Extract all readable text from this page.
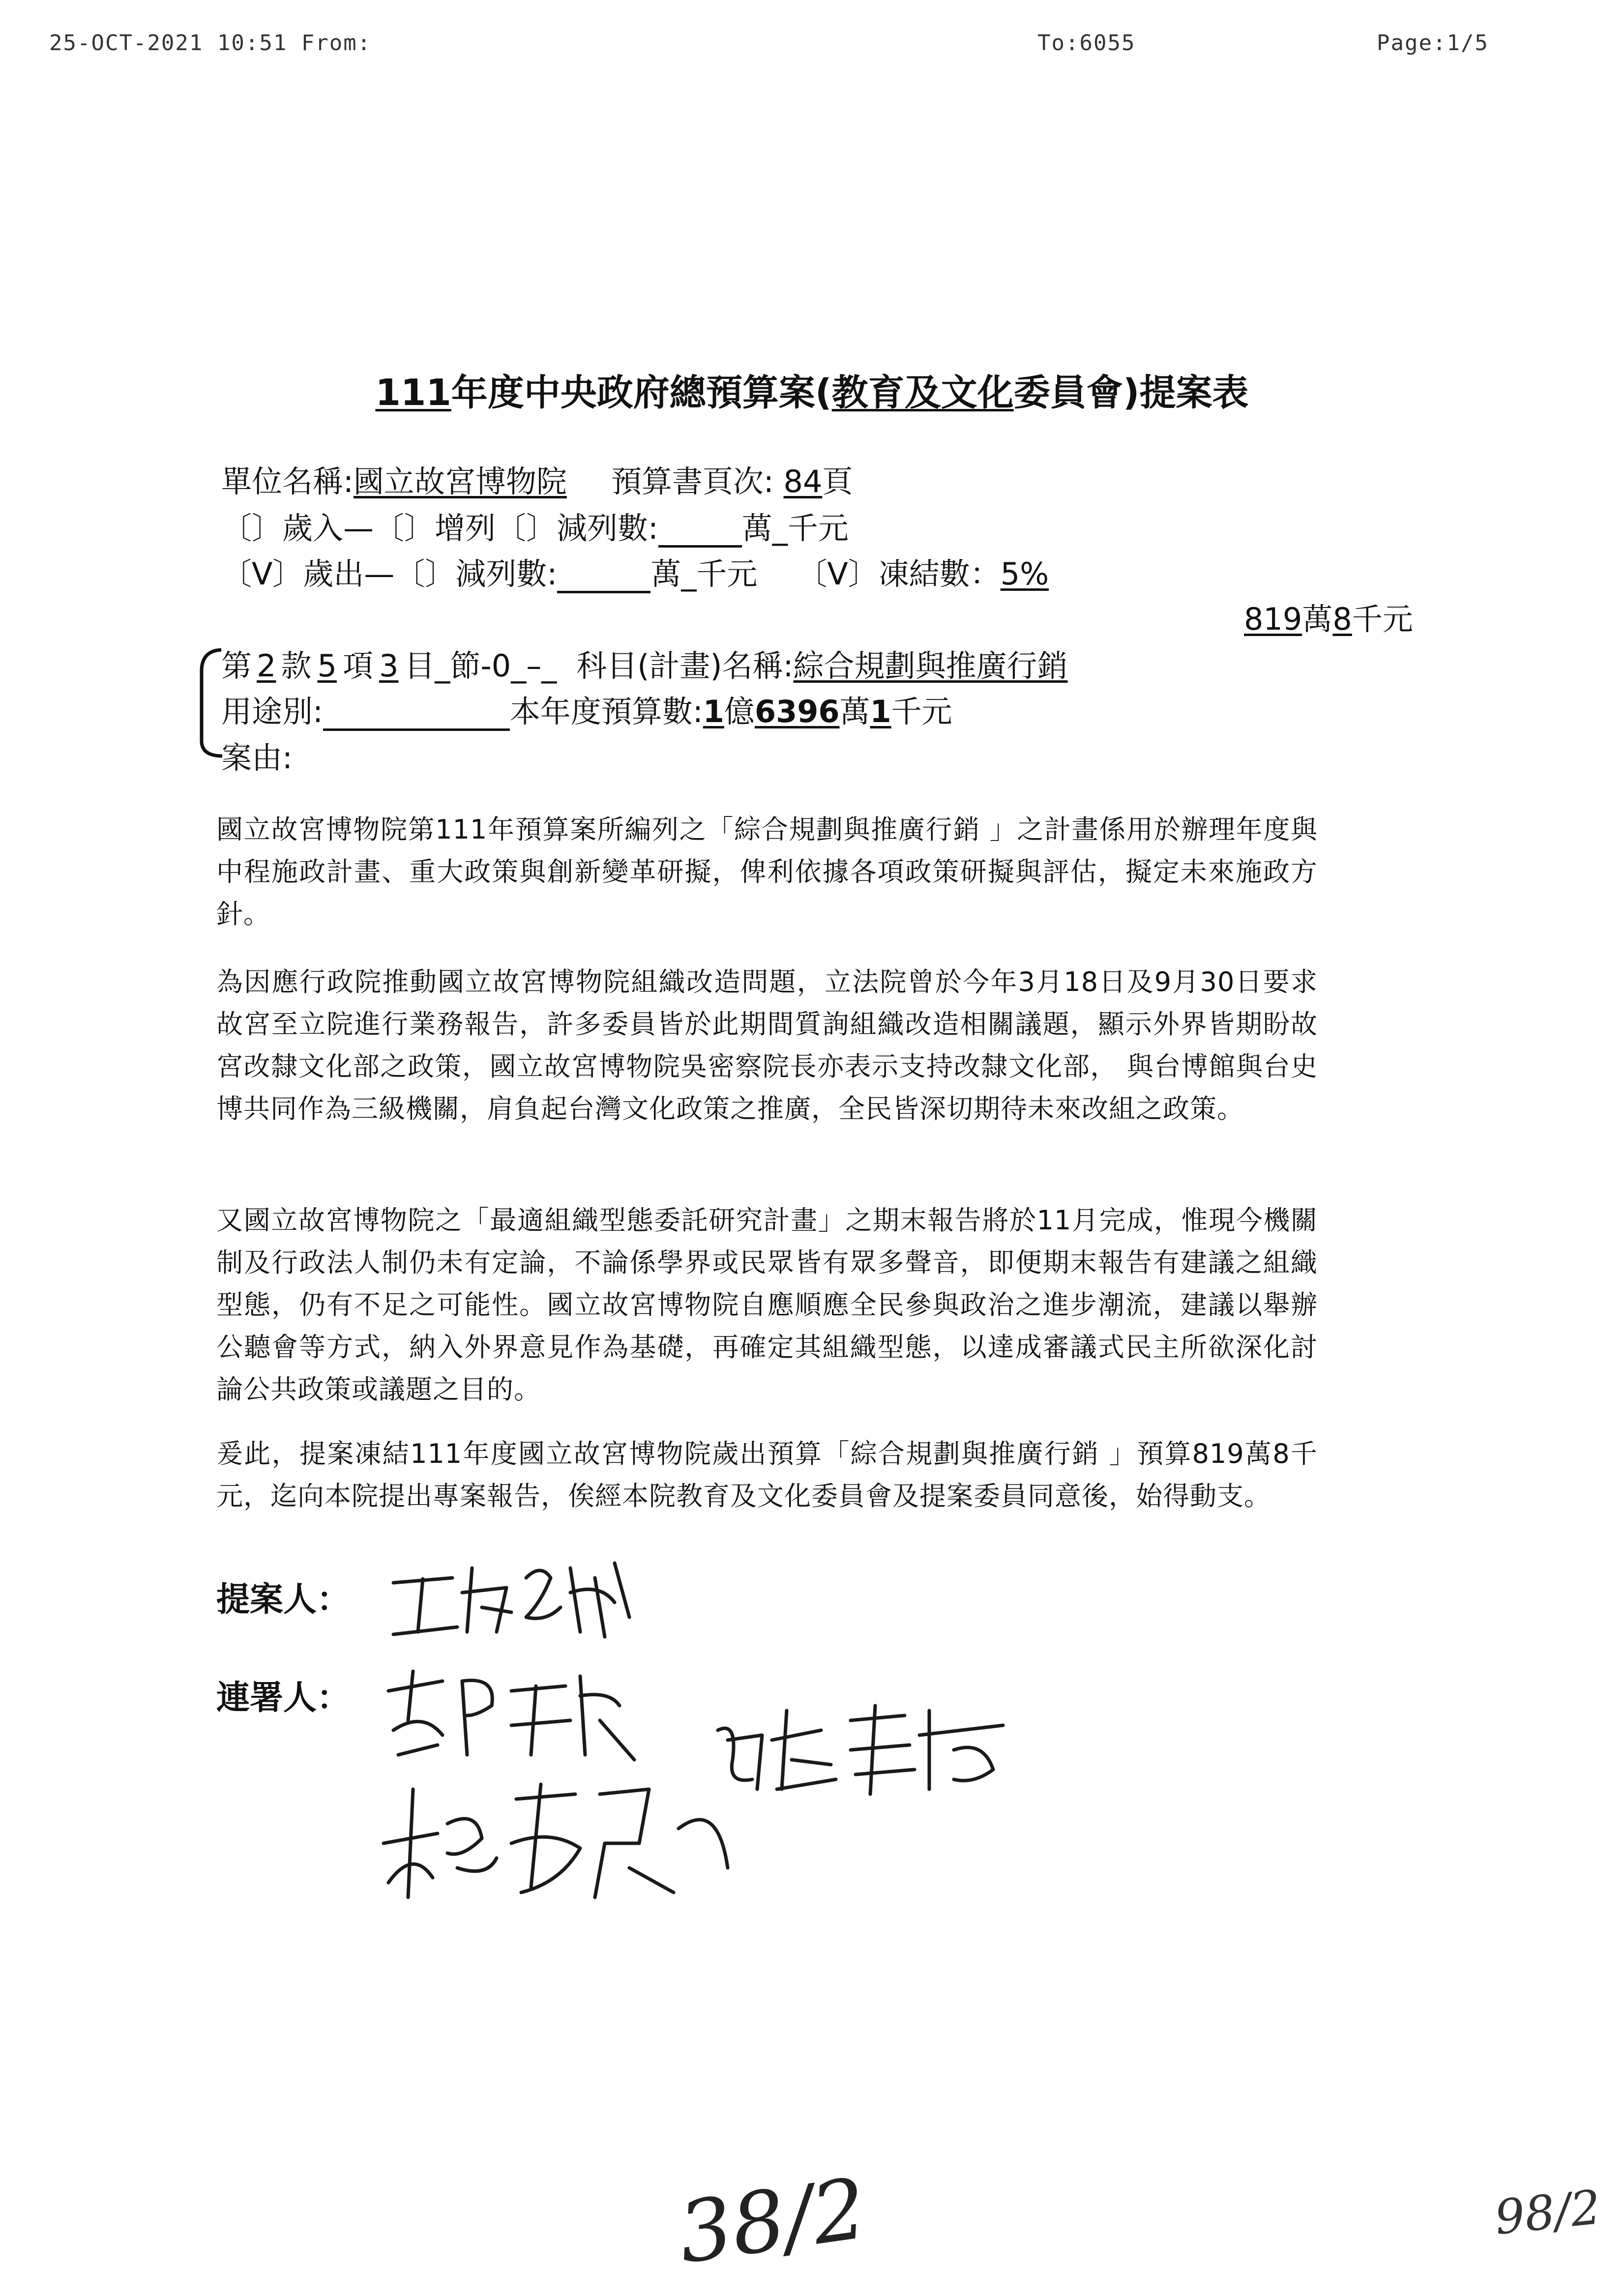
25-OCT-2021 10:51 From:	To:6055	Page:1/5
111年度中央政府總預算案(教育及文化委員會)提案表
單位名稱:國立故宮博物院 預算書頁次: 84頁
〔〕歲入—〔〕增列〔〕減列數:	萬_千元
〔V〕歲出—〔〕減列數:	萬_千元 〔V〕凍結數：5%
819萬8千元
第 2 款 5 項 3 目_節-0_–_ 科目(計畫)名稱:綜合規劃與推廣行銷
用途別:	本年度預算數:1億6396萬1千元
案由:
國立故宮博物院第111年預算案所編列之「綜合規劃與推廣行銷 」之計畫係用於辦理年度與中程施政計畫、重大政策與創新變革研擬，俾利依據各項政策研擬與評估，擬定未來施政方針。
為因應行政院推動國立故宮博物院組織改造問題，立法院曾於今年3月18日及9月30日要求故宮至立院進行業務報告，許多委員皆於此期間質詢組織改造相關議題，顯示外界皆期盼故宮改隸文化部之政策，國立故宮博物院吳密察院長亦表示支持改隸文化部， 與台博館與台史博共同作為三級機關，肩負起台灣文化政策之推廣，全民皆深切期待未來改組之政策。
又國立故宮博物院之「最適組織型態委託研究計畫」之期末報告將於11月完成，惟現今機關制及行政法人制仍未有定論，不論係學界或民眾皆有眾多聲音，即便期末報告有建議之組織型態，仍有不足之可能性。國立故宮博物院自應順應全民參與政治之進步潮流，建議以舉辦公聽會等方式，納入外界意見作為基礎，再確定其組織型態，以達成審議式民主所欲深化討論公共政策或議題之目的。
爰此，提案凍結111年度國立故宮博物院歲出預算「綜合規劃與推廣行銷 」預算819萬8千元，迄向本院提出專案報告，俟經本院教育及文化委員會及提案委員同意後，始得動支。
提案人：
連署人：
38/2	98/2
